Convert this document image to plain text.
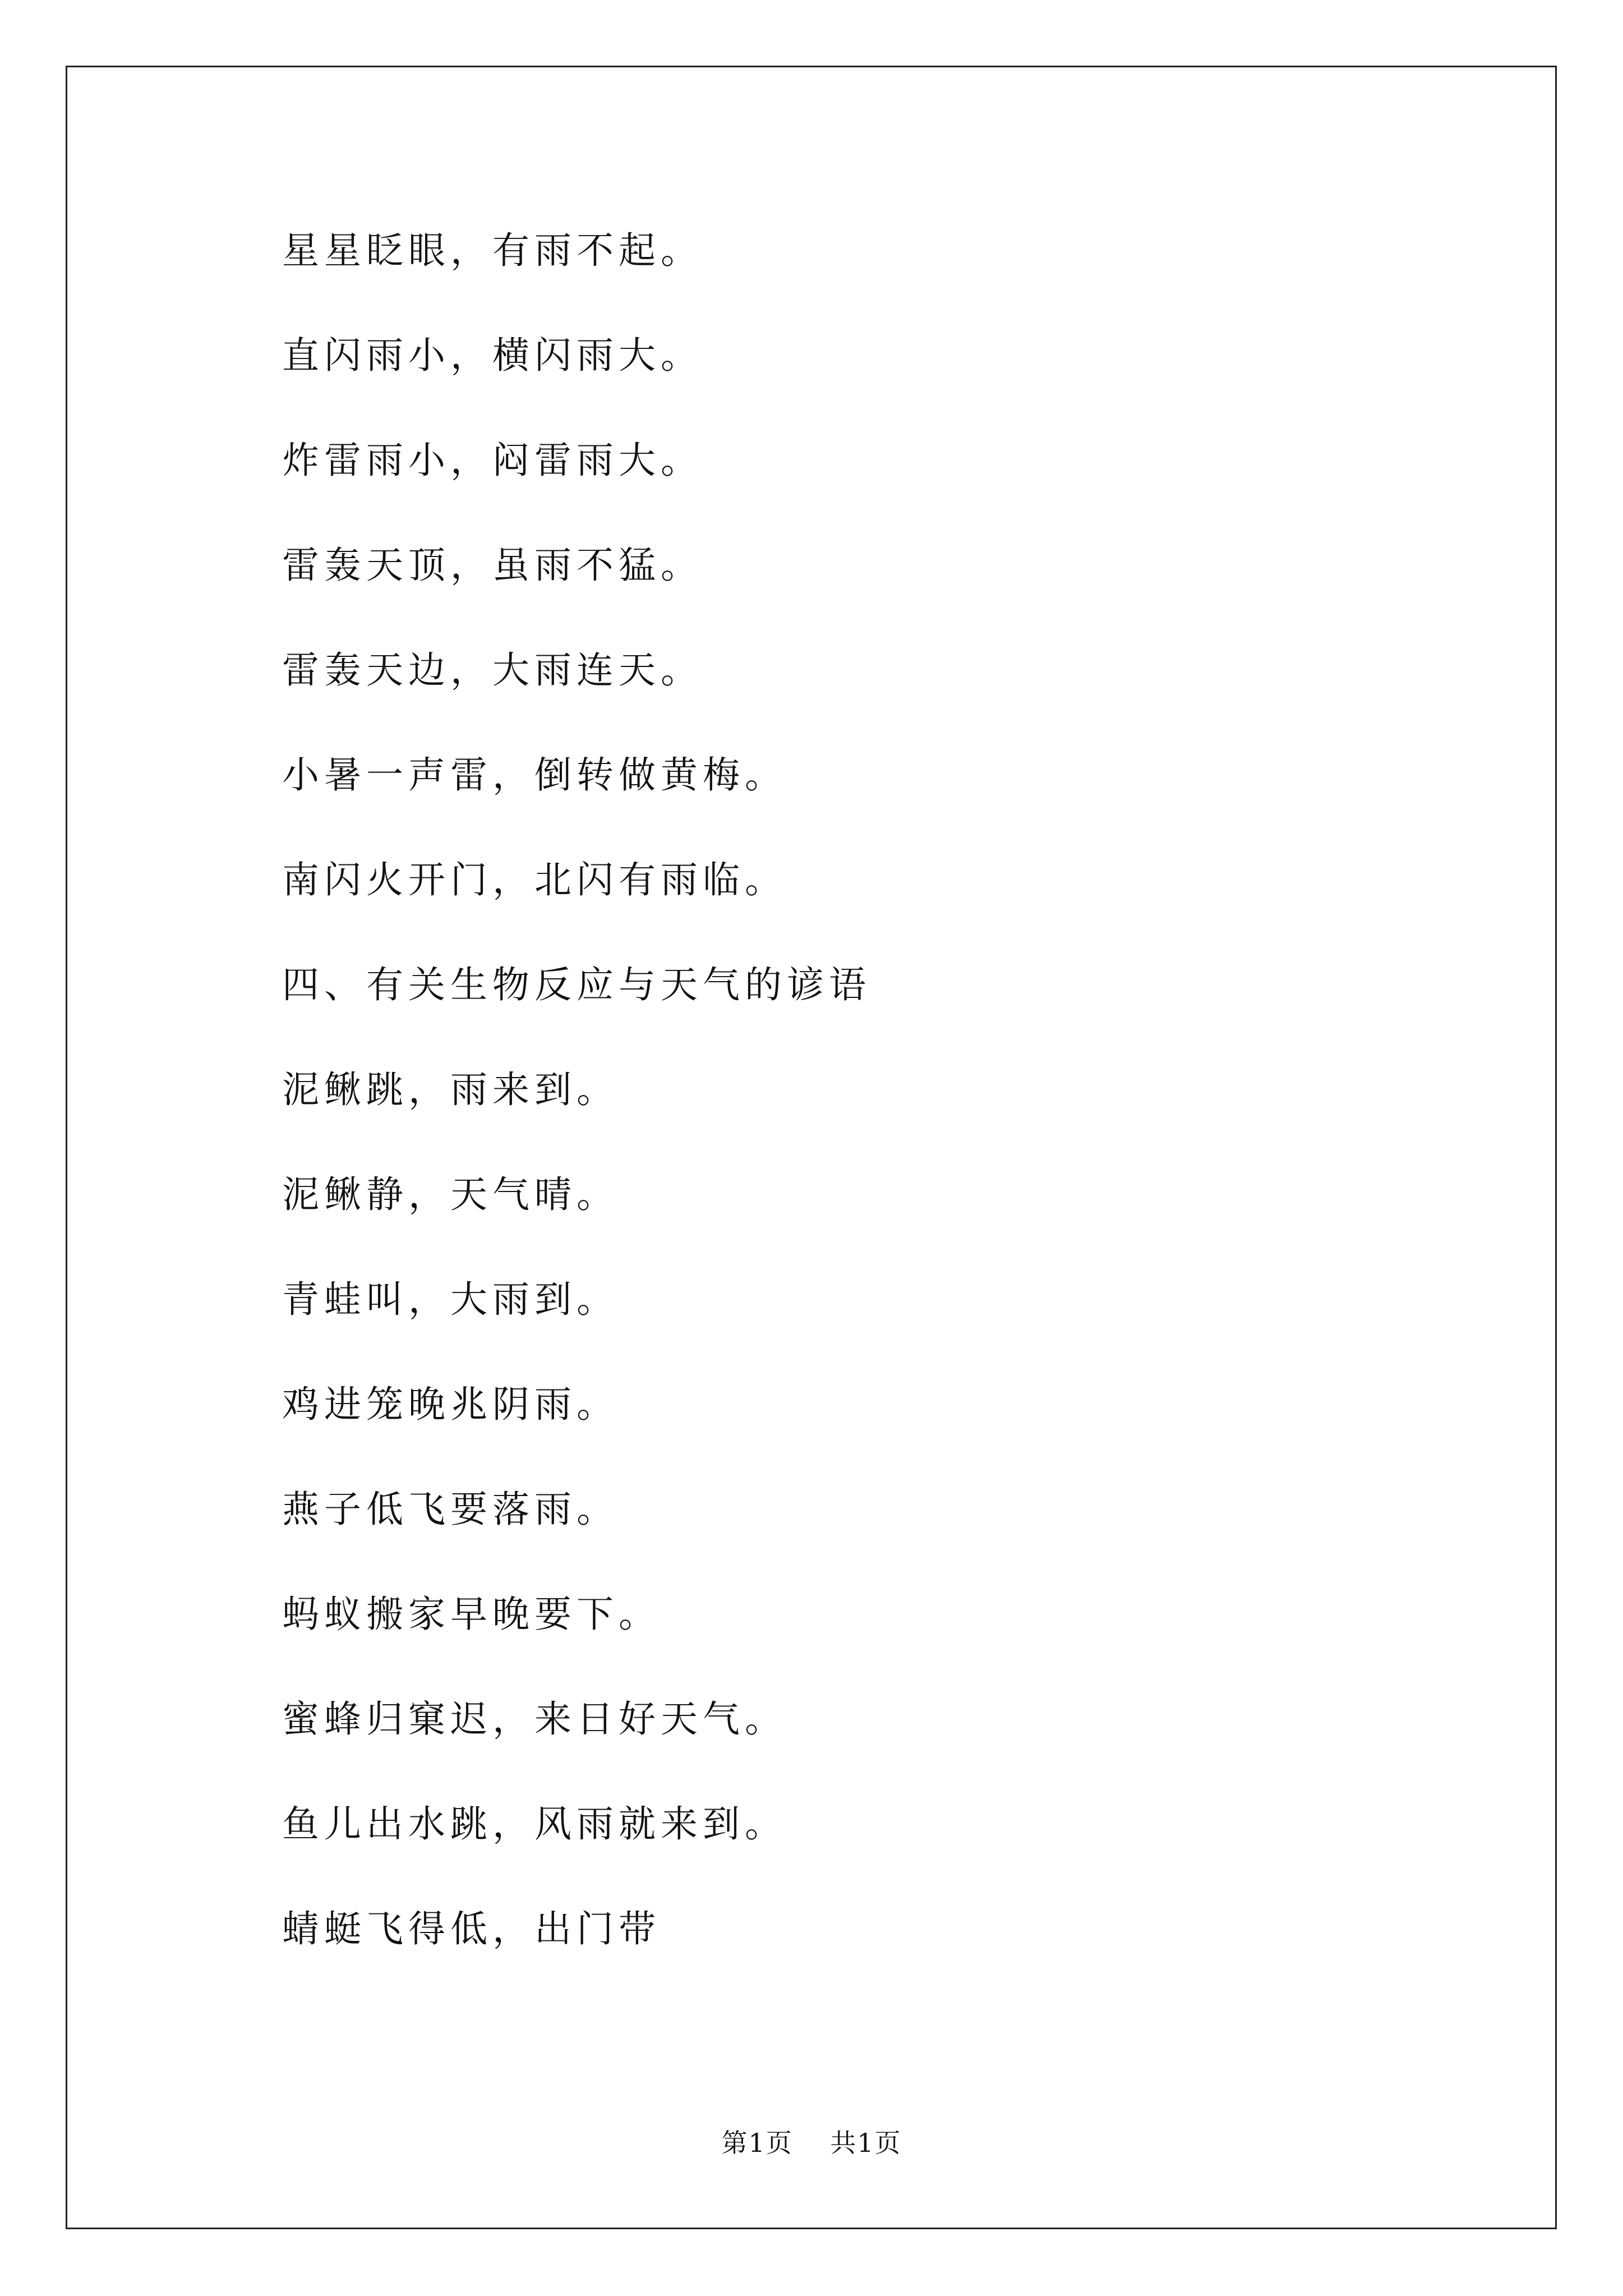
星星眨眼，有雨不起。
直闪雨小，横闪雨大。
炸雷雨小，闷雷雨大。
雷轰天顶，虽雨不猛。
雷轰天边，大雨连天。
小暑一声雷，倒转做黄梅。
南闪火开门，北闪有雨临。
四、有关生物反应与天气的谚语
泥鳅跳，雨来到。
泥鳅静，天气晴。
青蛙叫，大雨到。
鸡进笼晚兆阴雨。
燕子低飞要落雨。
蚂蚁搬家早晚要下。
蜜蜂归窠迟，来日好天气。
鱼儿出水跳，风雨就来到。
蜻蜓飞得低，出门带
第1页 共1页
